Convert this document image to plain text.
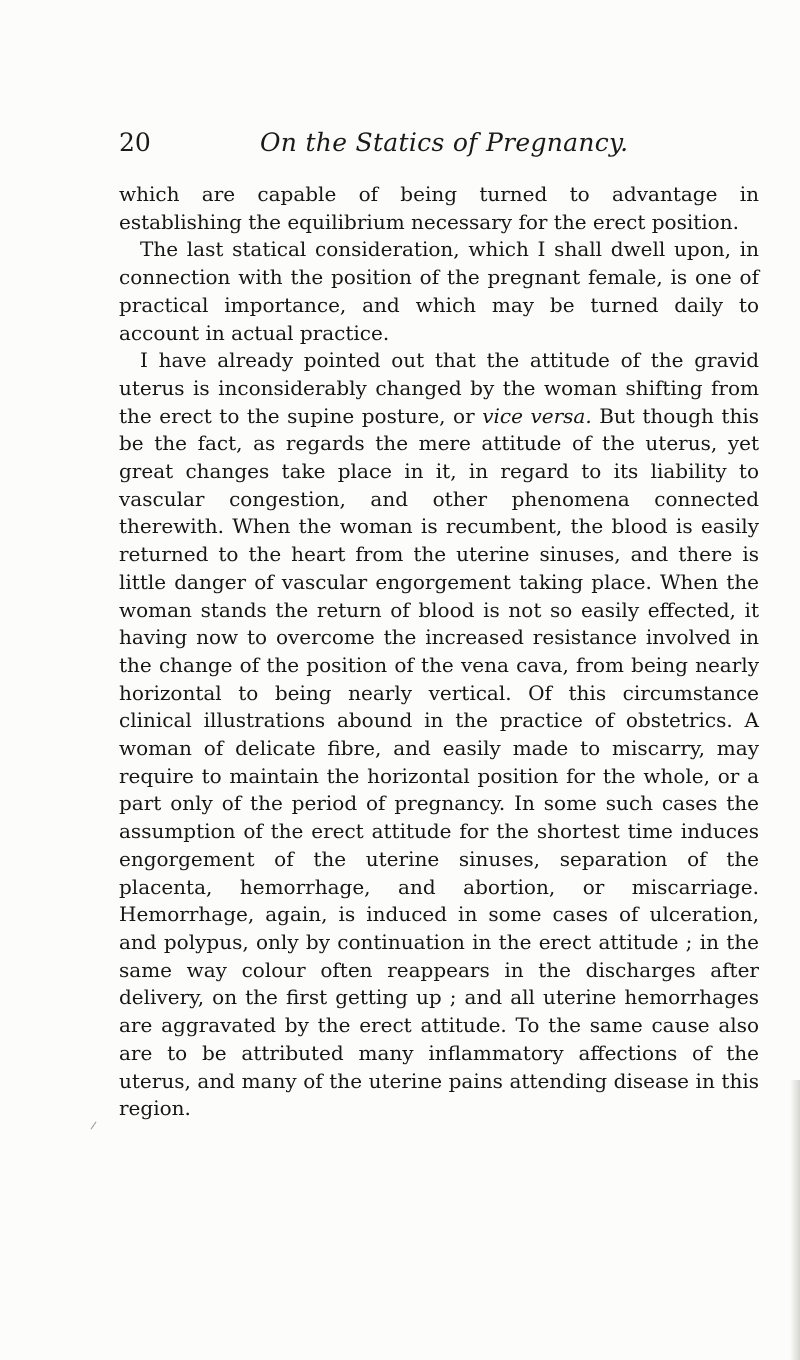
20	On the Statics of Pregnancy.

which are capable of being turned to advantage in establishing the equilibrium necessary for the erect position.

The last statical consideration, which I shall dwell upon, in connection with the position of the pregnant female, is one of practical importance, and which may be turned daily to account in actual practice.

I have already pointed out that the attitude of the gravid uterus is inconsiderably changed by the woman shifting from the erect to the supine posture, or vice versa. But though this be the fact, as regards the mere attitude of the uterus, yet great changes take place in it, in regard to its liability to vascular congestion, and other phenomena connected therewith. When the woman is recumbent, the blood is easily returned to the heart from the uterine sinuses, and there is little danger of vascular engorgement taking place. When the woman stands the return of blood is not so easily effected, it having now to overcome the increased resistance involved in the change of the position of the vena cava, from being nearly horizontal to being nearly vertical. Of this circumstance clinical illustrations abound in the practice of obstetrics. A woman of delicate fibre, and easily made to miscarry, may require to maintain the horizontal position for the whole, or a part only of the period of pregnancy. In some such cases the assumption of the erect attitude for the shortest time induces engorgement of the uterine sinuses, separation of the placenta, hemorrhage, and abortion, or miscarriage. Hemorrhage, again, is induced in some cases of ulceration, and polypus, only by continuation in the erect attitude ; in the same way colour often reappears in the discharges after delivery, on the first getting up ; and all uterine hemorrhages are aggravated by the erect attitude. To the same cause also are to be attributed many inflammatory affections of the uterus, and many of the uterine pains attending disease in this region.
